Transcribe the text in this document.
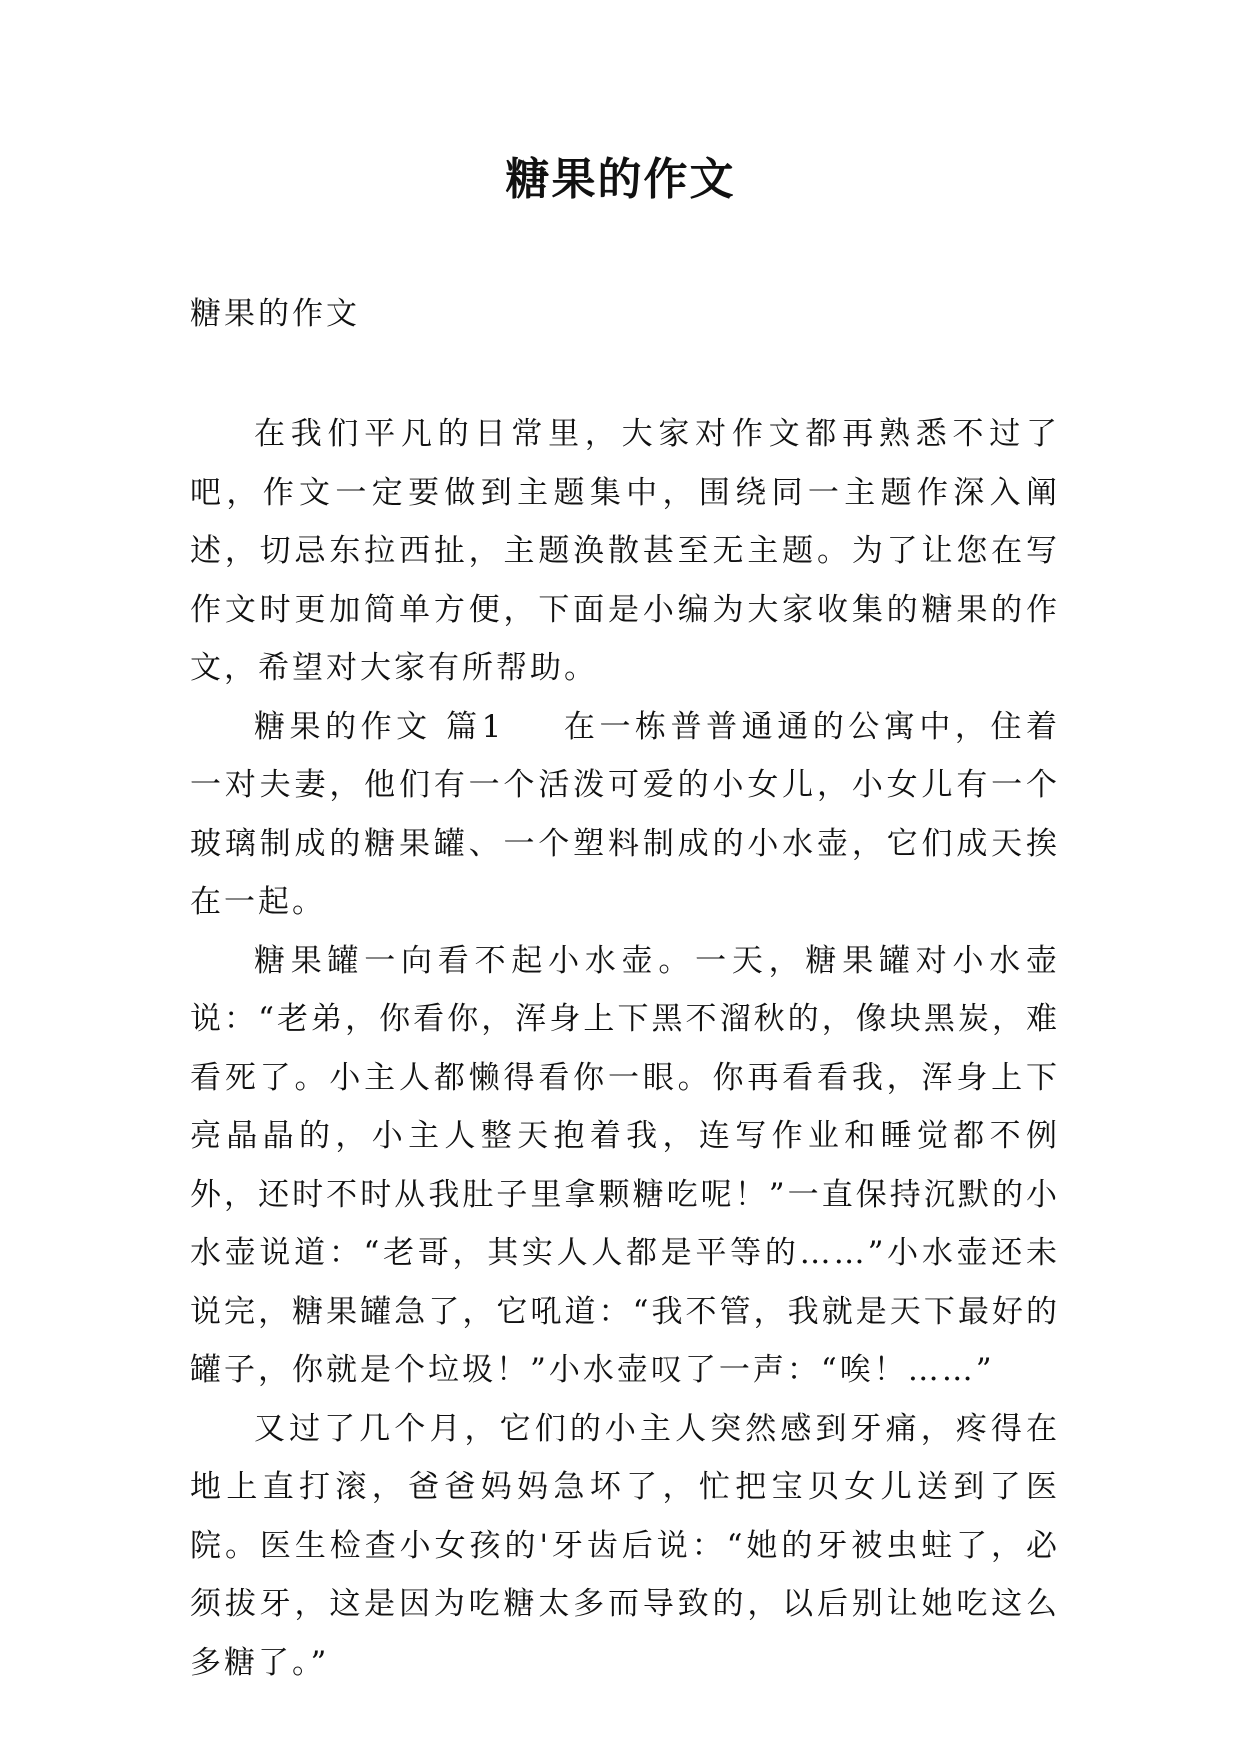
糖果的作文

糖果的作文

在我们平凡的日常里，大家对作文都再熟悉不过了吧，作文一定要做到主题集中，围绕同一主题作深入阐述，切忌东拉西扯，主题涣散甚至无主题。为了让您在写作文时更加简单方便，下面是小编为大家收集的糖果的作文，希望对大家有所帮助。

糖果的作文 篇1 在一栋普普通通的公寓中，住着一对夫妻，他们有一个活泼可爱的小女儿，小女儿有一个玻璃制成的糖果罐、一个塑料制成的小水壶，它们成天挨在一起。

糖果罐一向看不起小水壶。一天，糖果罐对小水壶说：“老弟，你看你，浑身上下黑不溜秋的，像块黑炭，难看死了。小主人都懒得看你一眼。你再看看我，浑身上下亮晶晶的，小主人整天抱着我，连写作业和睡觉都不例外，还时不时从我肚子里拿颗糖吃呢！”一直保持沉默的小水壶说道：“老哥，其实人人都是平等的……”小水壶还未说完，糖果罐急了，它吼道：“我不管，我就是天下最好的罐子，你就是个垃圾！”小水壶叹了一声：“唉！……”

又过了几个月，它们的小主人突然感到牙痛，疼得在地上直打滚，爸爸妈妈急坏了，忙把宝贝女儿送到了医院。医生检查小女孩的'牙齿后说：“她的牙被虫蛀了，必须拔牙，这是因为吃糖太多而导致的，以后别让她吃这么多糖了。”
